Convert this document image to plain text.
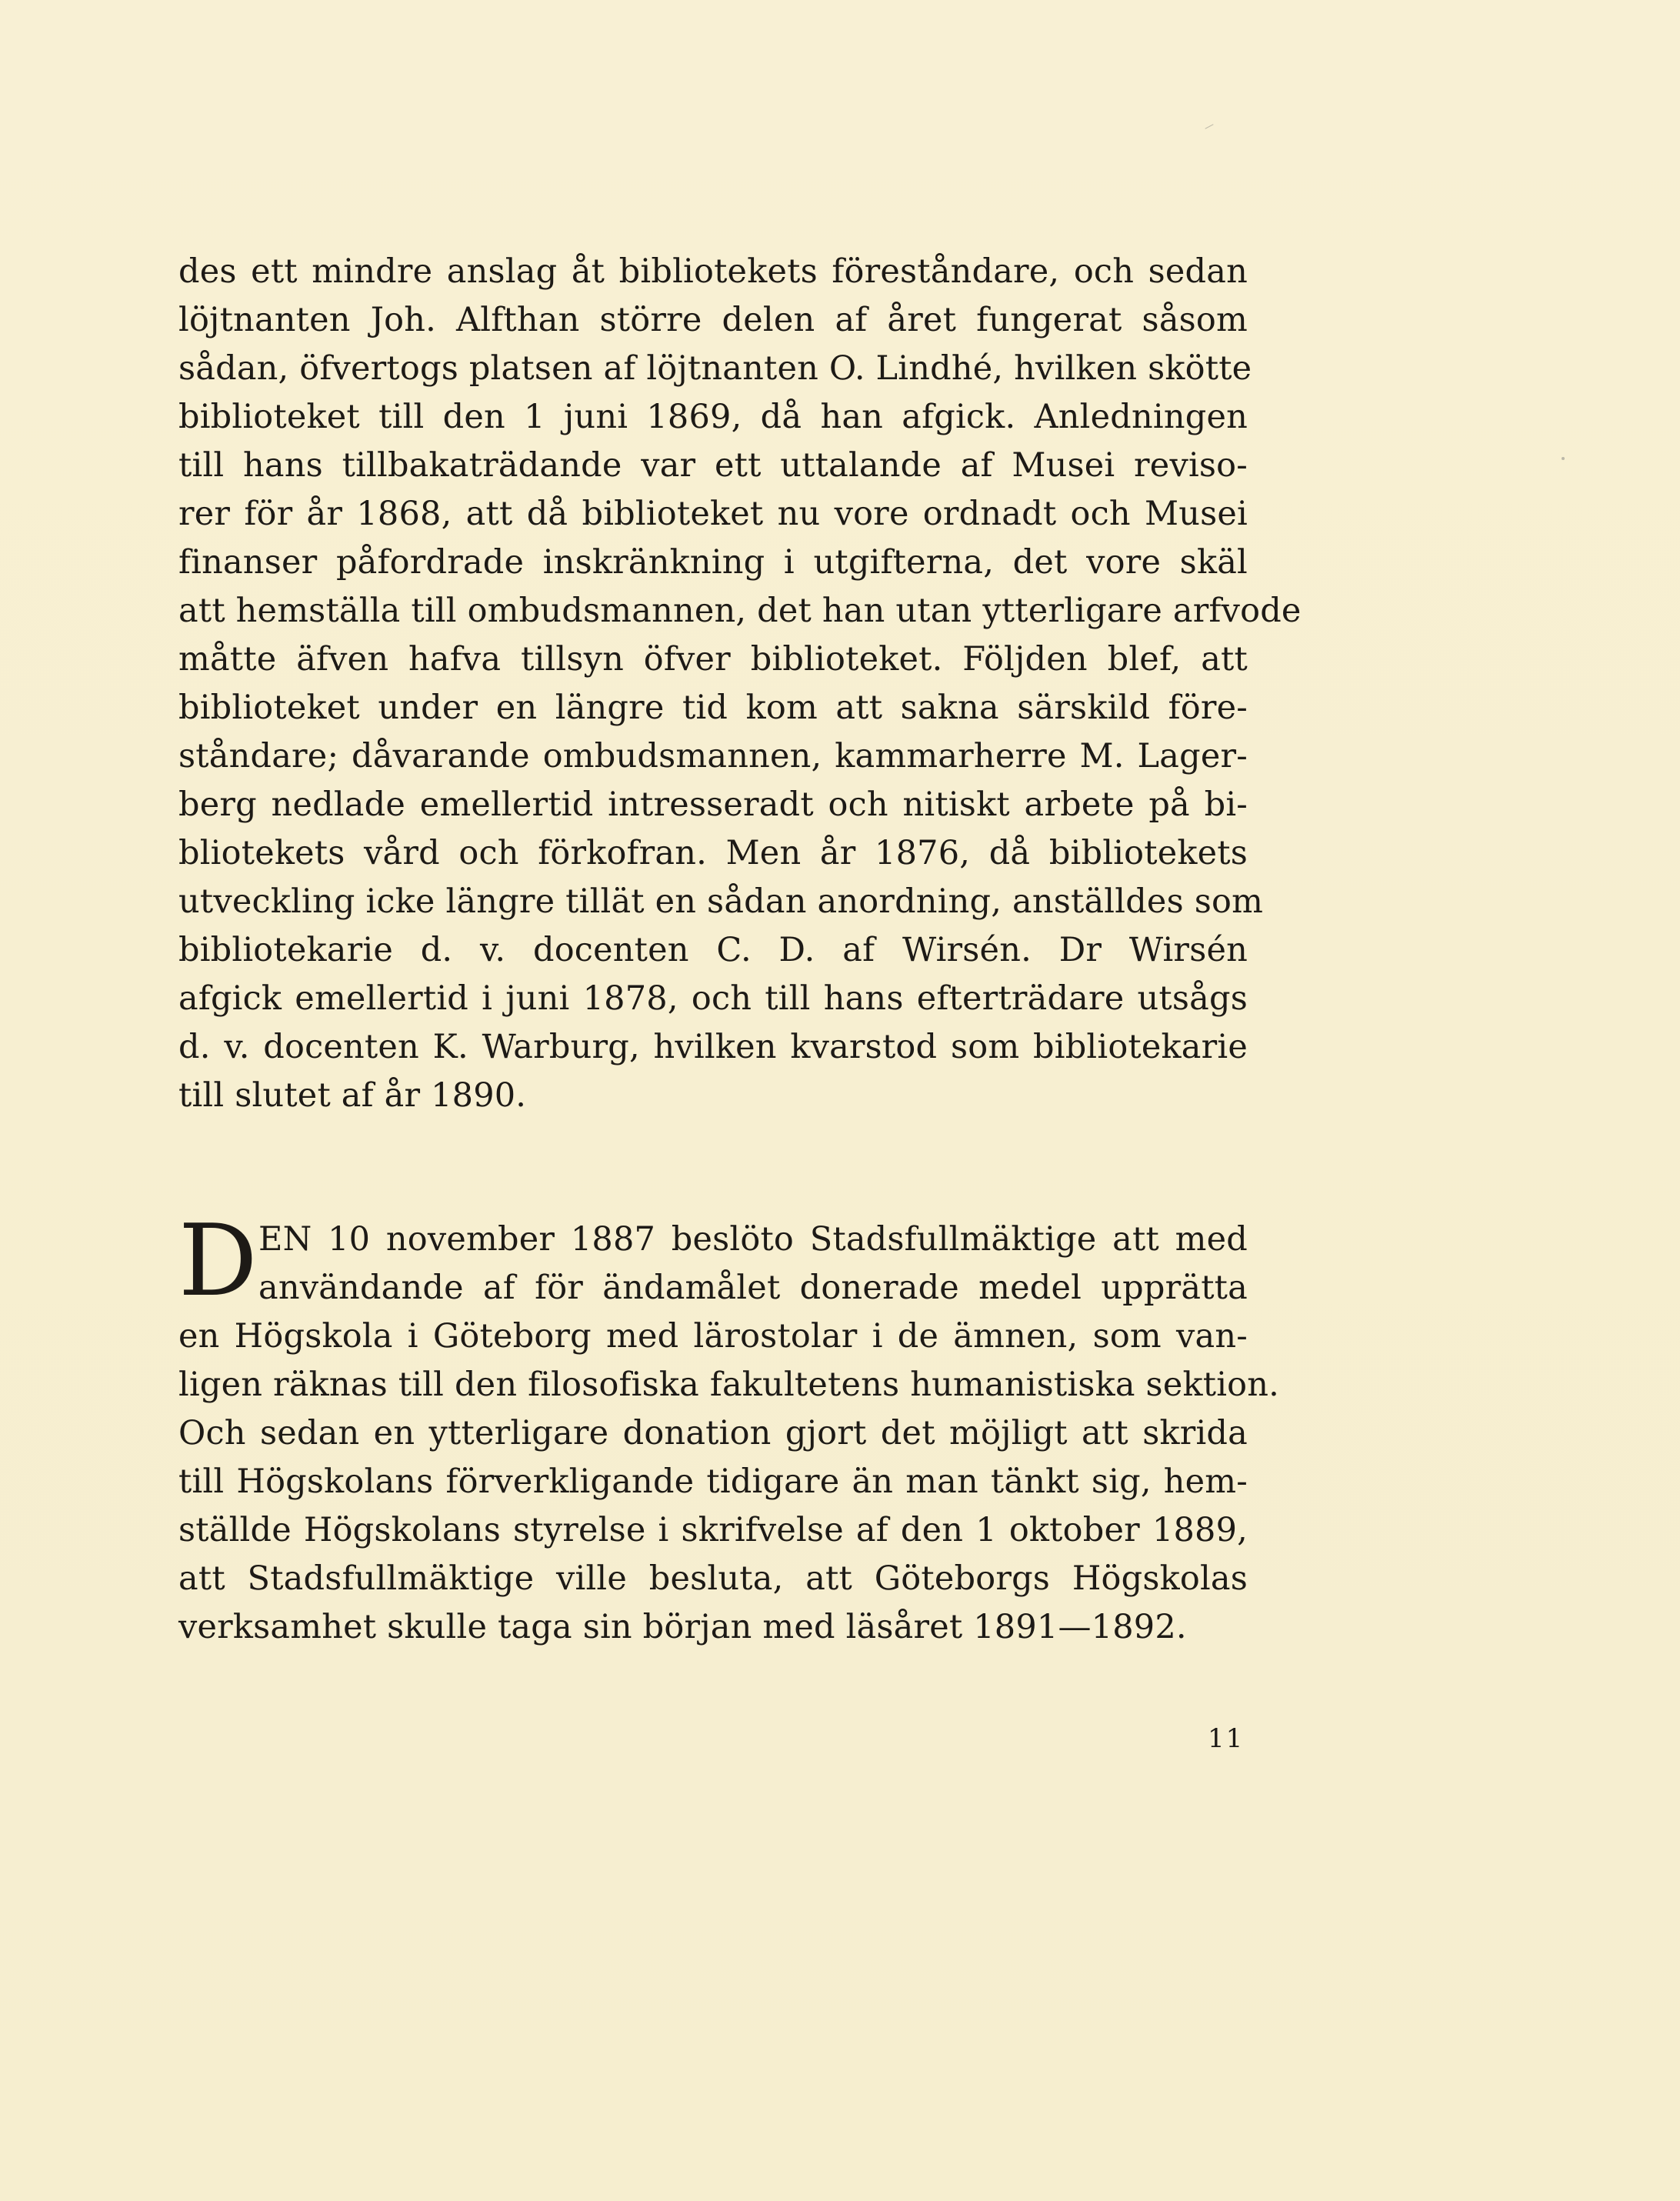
des ett mindre anslag åt bibliotekets föreståndare, och sedan
löjtnanten Joh. Alfthan större delen af året fungerat såsom
sådan, öfvertogs platsen af löjtnanten O. Lindhé, hvilken skötte
biblioteket till den 1 juni 1869, då han afgick. Anledningen
till hans tillbakaträdande var ett uttalande af Musei reviso-
rer för år 1868, att då biblioteket nu vore ordnadt och Musei
finanser påfordrade inskränkning i utgifterna, det vore skäl
att hemställa till ombudsmannen, det han utan ytterligare arfvode
måtte äfven hafva tillsyn öfver biblioteket. Följden blef, att
biblioteket under en längre tid kom att sakna särskild före-
ståndare; dåvarande ombudsmannen, kammarherre M. Lager-
berg nedlade emellertid intresseradt och nitiskt arbete på bi-
bliotekets vård och förkofran. Men år 1876, då bibliotekets
utveckling icke längre tillät en sådan anordning, anställdes som
bibliotekarie d. v. docenten C. D. af Wirsén. Dr Wirsén
afgick emellertid i juni 1878, och till hans efterträdare utsågs
d. v. docenten K. Warburg, hvilken kvarstod som bibliotekarie
till slutet af år 1890.
D EN 10 november 1887 beslöto Stadsfullmäktige att med
användande af för ändamålet donerade medel upprätta
en Högskola i Göteborg med lärostolar i de ämnen, som van-
ligen räknas till den filosofiska fakultetens humanistiska sektion.
Och sedan en ytterligare donation gjort det möjligt att skrida
till Högskolans förverkligande tidigare än man tänkt sig, hem-
ställde Högskolans styrelse i skrifvelse af den 1 oktober 1889,
att Stadsfullmäktige ville besluta, att Göteborgs Högskolas
verksamhet skulle taga sin början med läsåret 1891—1892.
11
